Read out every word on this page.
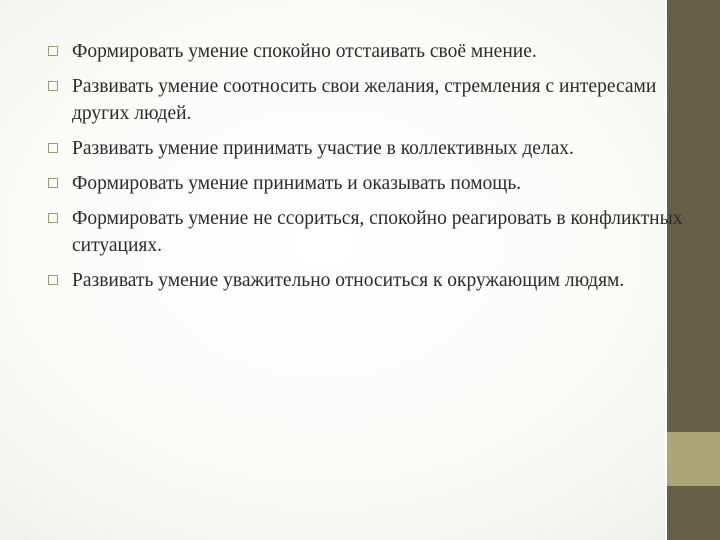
Формировать умение спокойно отстаивать своё мнение.
Развивать умение соотносить свои желания, стремления с интересами других людей.
Развивать умение принимать участие в коллективных делах.
Формировать умение принимать и оказывать помощь.
Формировать умение не ссориться, спокойно реагировать в конфликтных ситуациях.
Развивать умение уважительно относиться к окружающим людям.
